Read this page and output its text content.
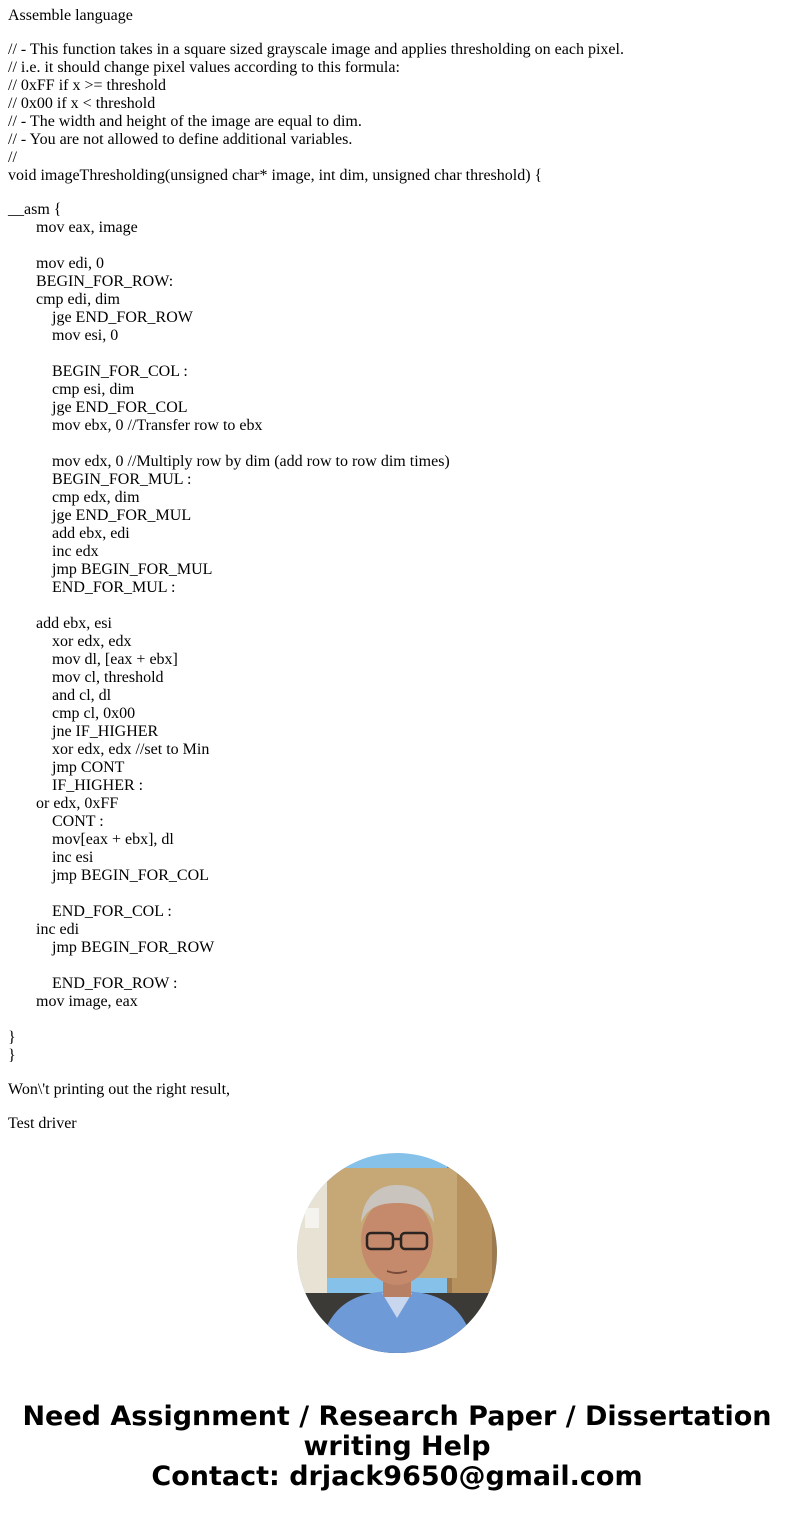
Assemble language

// - This function takes in a square sized grayscale image and applies thresholding on each pixel.
// i.e. it should change pixel values according to this formula:
// 0xFF if x >= threshold
// 0x00 if x < threshold
// - The width and height of the image are equal to dim.
// - You are not allowed to define additional variables.
//
void imageThresholding(unsigned char* image, int dim, unsigned char threshold) {
__asm {
mov eax, image
mov edi, 0
BEGIN_FOR_ROW:
cmp edi, dim
jge END_FOR_ROW
mov esi, 0
BEGIN_FOR_COL :
cmp esi, dim
jge END_FOR_COL
mov ebx, 0 //Transfer row to ebx
mov edx, 0 //Multiply row by dim (add row to row dim times)
BEGIN_FOR_MUL :
cmp edx, dim
jge END_FOR_MUL
add ebx, edi
inc edx
jmp BEGIN_FOR_MUL
END_FOR_MUL :
add ebx, esi
xor edx, edx
mov dl, [eax + ebx]
mov cl, threshold
and cl, dl
cmp cl, 0x00
jne IF_HIGHER
xor edx, edx //set to Min
jmp CONT
IF_HIGHER :
or edx, 0xFF
CONT :
mov[eax + ebx], dl
inc esi
jmp BEGIN_FOR_COL
END_FOR_COL :
inc edi
jmp BEGIN_FOR_ROW
END_FOR_ROW :
mov image, eax
}
}

Won\'t printing out the right result,

Test driver

Need Assignment / Research Paper / Dissertation
writing Help
Contact: drjack9650@gmail.com
